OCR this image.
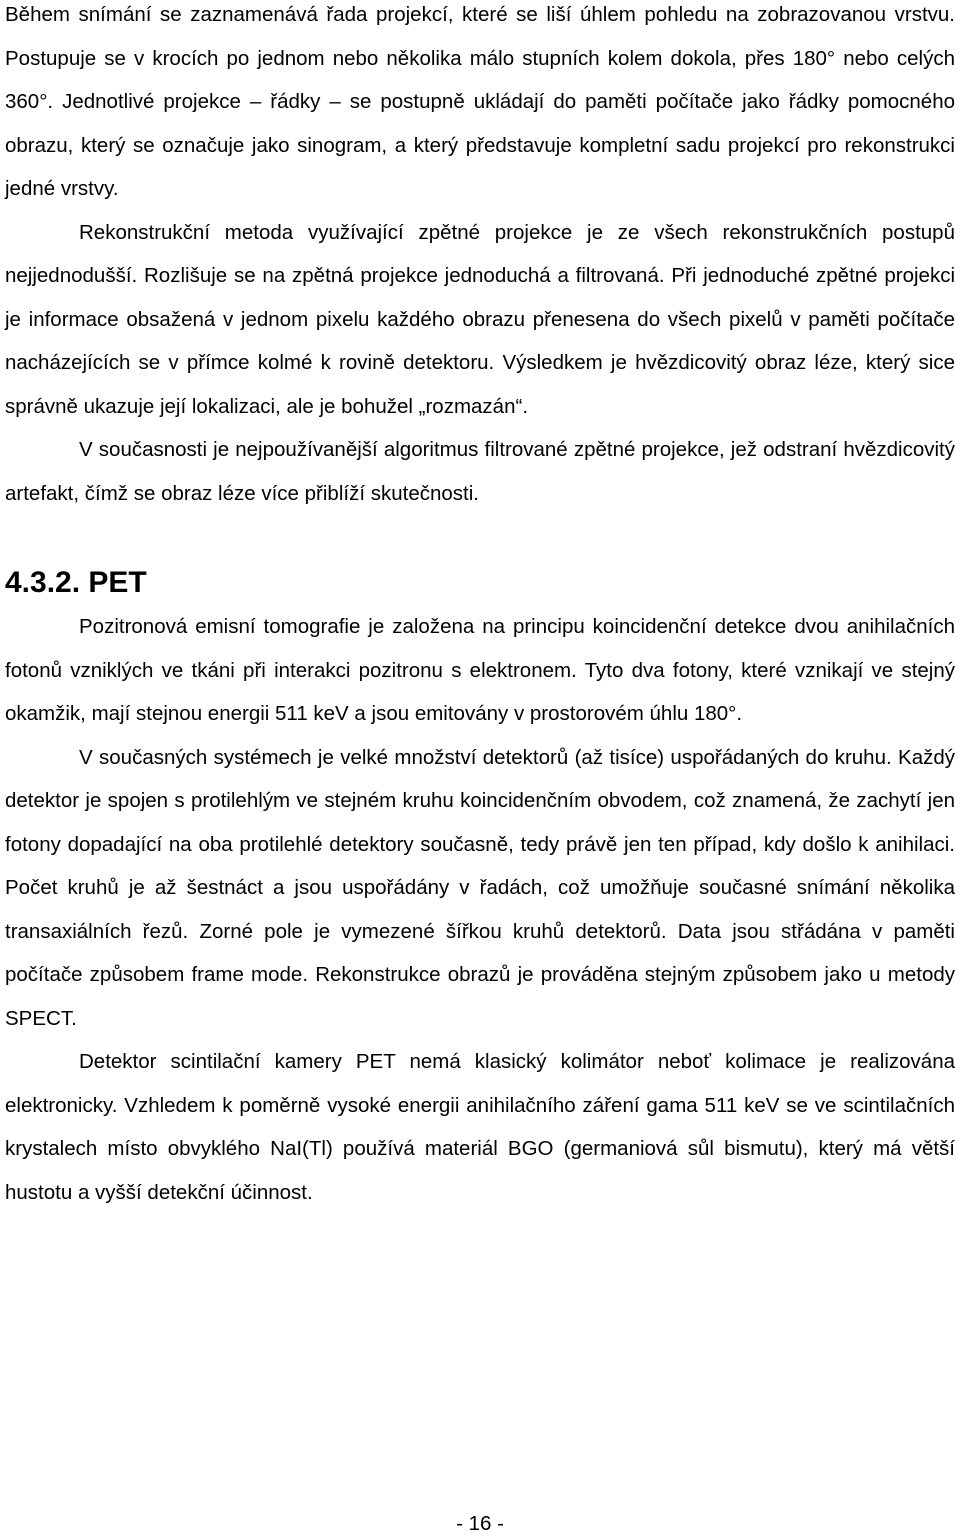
Během snímání se zaznamenává řada projekcí, které se liší úhlem pohledu na zobrazovanou vrstvu. Postupuje se v krocích po jednom nebo několika málo stupních kolem dokola, přes 180° nebo celých 360°. Jednotlivé projekce – řádky – se postupně ukládají do paměti počítače jako řádky pomocného obrazu, který se označuje jako sinogram, a který představuje kompletní sadu projekcí pro rekonstrukci jedné vrstvy.

Rekonstrukční metoda využívající zpětné projekce je ze všech rekonstrukčních postupů nejjednodušší. Rozlišuje se na zpětná projekce jednoduchá a filtrovaná. Při jednoduché zpětné projekci je informace obsažená v jednom pixelu každého obrazu přenesena do všech pixelů v paměti počítače nacházejících se v přímce kolmé k rovině detektoru. Výsledkem je hvězdicovitý obraz léze, který sice správně ukazuje její lokalizaci, ale je bohužel „rozmazán“.

V současnosti je nejpoužívanější algoritmus filtrované zpětné projekce, jež odstraní hvězdicovitý artefakt, čímž se obraz léze více přiblíží skutečnosti.

4.3.2. PET

Pozitronová emisní tomografie je založena na principu koincidenční detekce dvou anihilačních fotonů vzniklých ve tkáni při interakci pozitronu s elektronem. Tyto dva fotony, které vznikají ve stejný okamžik, mají stejnou energii 511 keV a jsou emitovány v prostorovém úhlu 180°.

V současných systémech je velké množství detektorů (až tisíce) uspořádaných do kruhu. Každý detektor je spojen s protilehlým ve stejném kruhu koincidenčním obvodem, což znamená, že zachytí jen fotony dopadající na oba protilehlé detektory současně, tedy právě jen ten případ, kdy došlo k anihilaci. Počet kruhů je až šestnáct a jsou uspořádány v řadách, což umožňuje současné snímání několika transaxiálních řezů. Zorné pole je vymezené šířkou kruhů detektorů. Data jsou střádána v paměti počítače způsobem frame mode. Rekonstrukce obrazů je prováděna stejným způsobem jako u metody SPECT.

Detektor scintilační kamery PET nemá klasický kolimátor neboť kolimace je realizována elektronicky. Vzhledem k poměrně vysoké energii anihilačního záření gama 511 keV se ve scintilačních krystalech místo obvyklého NaI(Tl) používá materiál BGO (germaniová sůl bismutu), který má větší hustotu a vyšší detekční účinnost.

- 16 -
